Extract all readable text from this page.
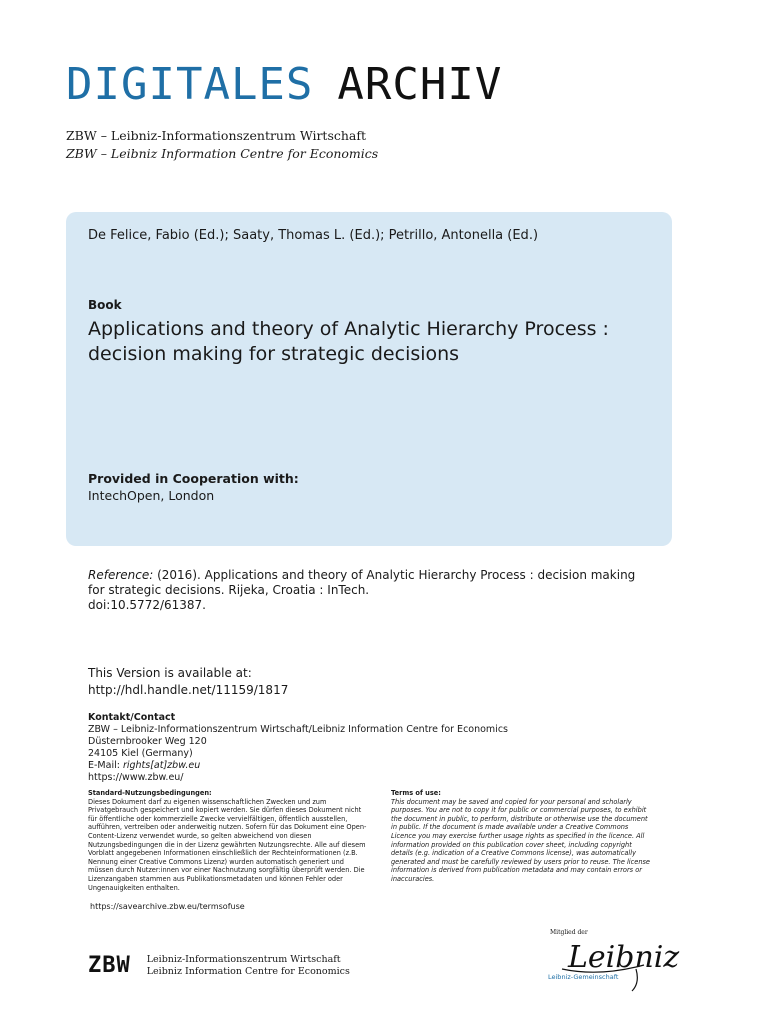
DIGITALES ARCHIV
ZBW – Leibniz-Informationszentrum Wirtschaft
ZBW – Leibniz Information Centre for Economics
De Felice, Fabio (Ed.); Saaty, Thomas L. (Ed.); Petrillo, Antonella (Ed.)
Book
Applications and theory of Analytic Hierarchy Process : decision making for strategic decisions
Provided in Cooperation with:
IntechOpen, London
Reference: (2016). Applications and theory of Analytic Hierarchy Process : decision making for strategic decisions. Rijeka, Croatia : InTech.
doi:10.5772/61387.
This Version is available at:
http://hdl.handle.net/11159/1817
Kontakt/Contact
ZBW – Leibniz-Informationszentrum Wirtschaft/Leibniz Information Centre for Economics
Düsternbrooker Weg 120
24105 Kiel (Germany)
E-Mail: rights[at]zbw.eu
https://www.zbw.eu/
Standard-Nutzungsbedingungen:
Dieses Dokument darf zu eigenen wissenschaftlichen Zwecken und zum Privatgebrauch gespeichert und kopiert werden. Sie dürfen dieses Dokument nicht für öffentliche oder kommerzielle Zwecke vervielfältigen, öffentlich ausstellen, aufführen, vertreiben oder anderweitig nutzen. Sofern für das Dokument eine Open-Content-Lizenz verwendet wurde, so gelten abweichend von diesen Nutzungsbedingungen die in der Lizenz gewährten Nutzungsrechte. Alle auf diesem Vorblatt angegebenen Informationen einschließlich der Rechteinformationen (z.B. Nennung einer Creative Commons Lizenz) wurden automatisch generiert und müssen durch Nutzer:innen vor einer Nachnutzung sorgfältig überprüft werden. Die Lizenzangaben stammen aus Publikationsmetadaten und können Fehler oder Ungenauigkeiten enthalten.
Terms of use:
This document may be saved and copied for your personal and scholarly purposes. You are not to copy it for public or commercial purposes, to exhibit the document in public, to perform, distribute or otherwise use the document in public. If the document is made available under a Creative Commons Licence you may exercise further usage rights as specified in the licence. All information provided on this publication cover sheet, including copyright details (e.g. indication of a Creative Commons license), was automatically generated and must be carefully reviewed by users prior to reuse. The license information is derived from publication metadata and may contain errors or inaccuracies.
https://savearchive.zbw.eu/termsofuse
ZBW Leibniz-Informationszentrum Wirtschaft
Leibniz Information Centre for Economics
Mitglied der
Leibniz
Leibniz-Gemeinschaft
